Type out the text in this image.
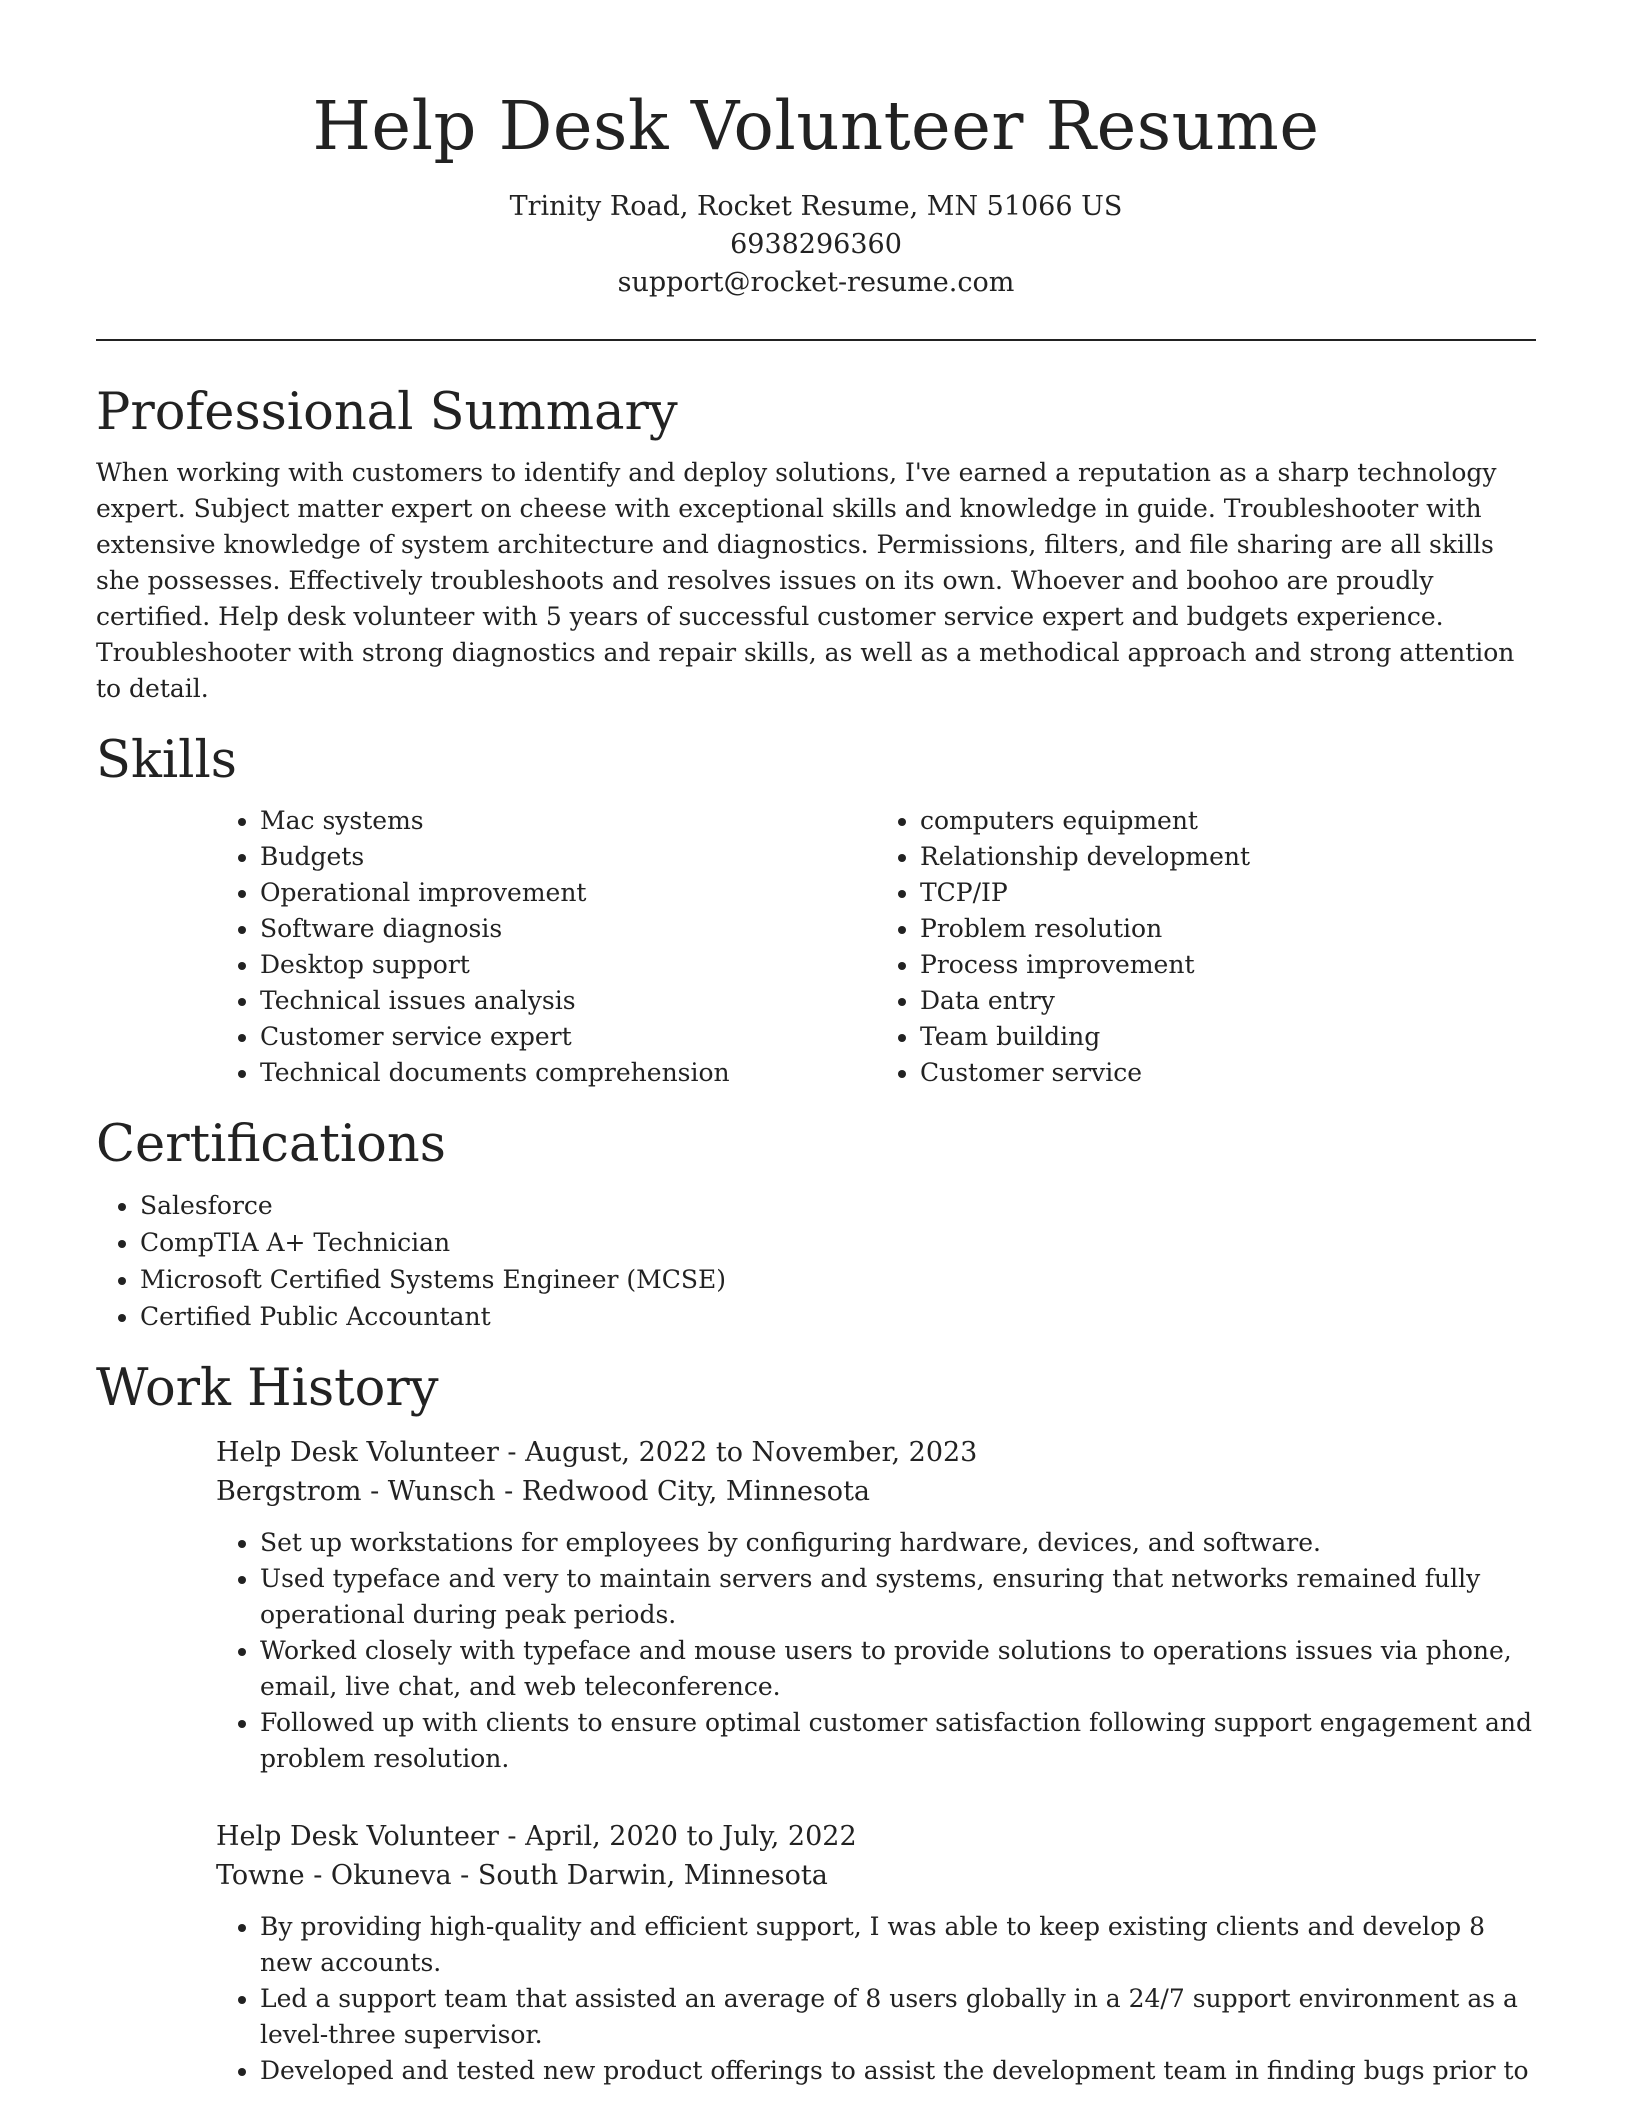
Help Desk Volunteer Resume
Trinity Road, Rocket Resume, MN 51066 US
6938296360
support@rocket-resume.com
Professional Summary

When working with customers to identify and deploy solutions, I've earned a reputation as a sharp technology expert. Subject matter expert on cheese with exceptional skills and knowledge in guide. Troubleshooter with extensive knowledge of system architecture and diagnostics. Permissions, filters, and file sharing are all skills she possesses. Effectively troubleshoots and resolves issues on its own. Whoever and boohoo are proudly certified. Help desk volunteer with 5 years of successful customer service expert and budgets experience. Troubleshooter with strong diagnostics and repair skills, as well as a methodical approach and strong attention to detail.

Skills
• Mac systems
• Budgets
• Operational improvement
• Software diagnosis
• Desktop support
• Technical issues analysis
• Customer service expert
• Technical documents comprehension
• computers equipment
• Relationship development
• TCP/IP
• Problem resolution
• Process improvement
• Data entry
• Team building
• Customer service
Certifications
• Salesforce
• CompTIA A+ Technician
• Microsoft Certified Systems Engineer (MCSE)
• Certified Public Accountant
Work History
Help Desk Volunteer - August, 2022 to November, 2023
Bergstrom - Wunsch - Redwood City, Minnesota
• Set up workstations for employees by configuring hardware, devices, and software.
• Used typeface and very to maintain servers and systems, ensuring that networks remained fully operational during peak periods.
• Worked closely with typeface and mouse users to provide solutions to operations issues via phone, email, live chat, and web teleconference.
• Followed up with clients to ensure optimal customer satisfaction following support engagement and problem resolution.
Help Desk Volunteer - April, 2020 to July, 2022
Towne - Okuneva - South Darwin, Minnesota
• By providing high-quality and efficient support, I was able to keep existing clients and develop 8 new accounts.
• Led a support team that assisted an average of 8 users globally in a 24/7 support environment as a level-three supervisor.
• Developed and tested new product offerings to assist the development team in finding bugs prior to
